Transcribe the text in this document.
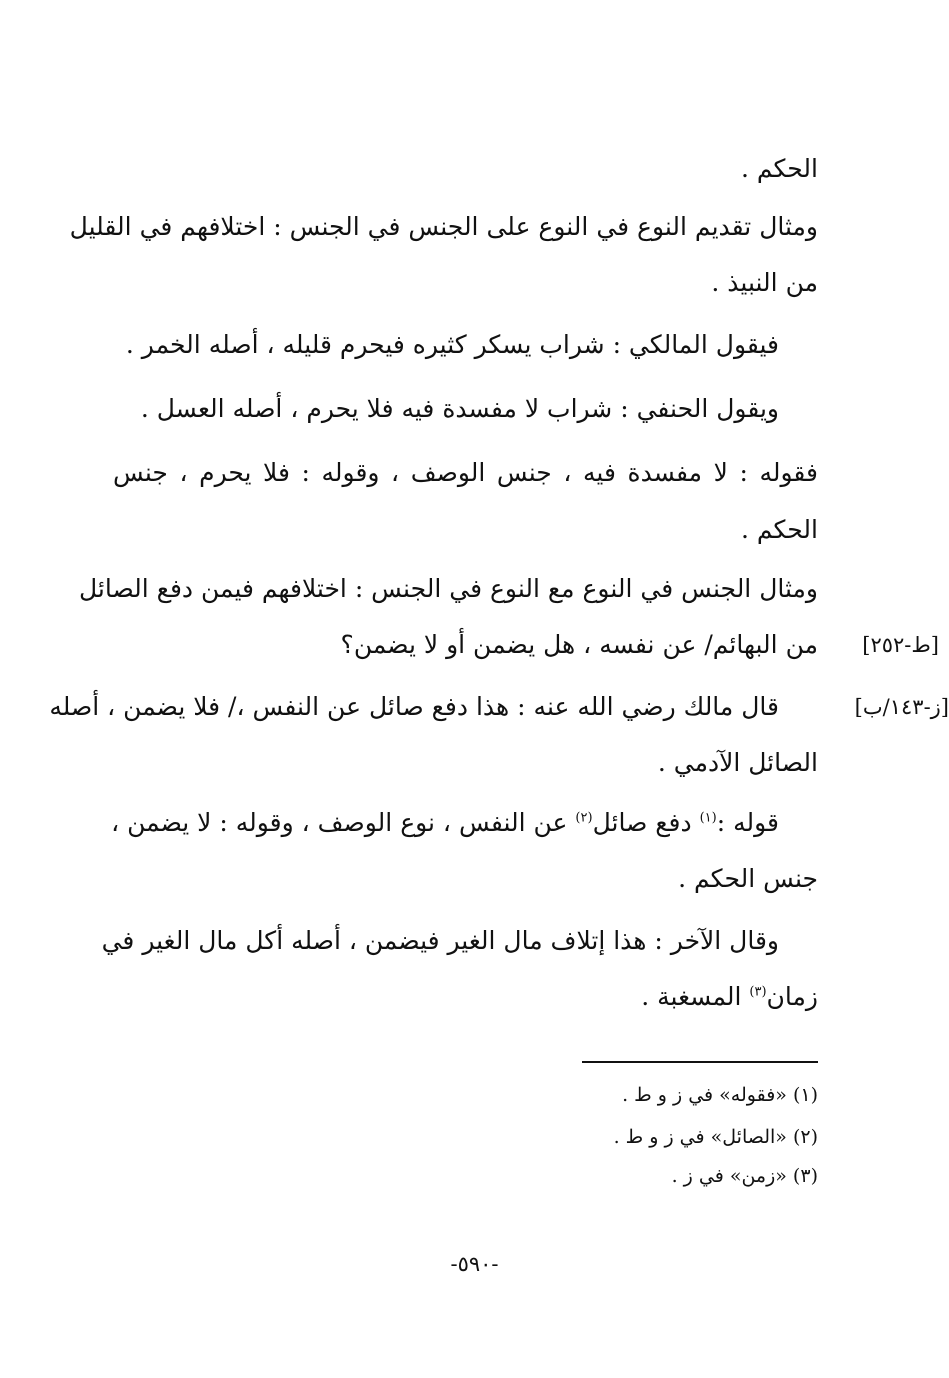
الحكم .
ومثال تقديم النوع في النوع على الجنس في الجنس : اختلافهم في القليل
من النبيذ .
فيقول المالكي : شراب يسكر كثيره فيحرم قليله ، أصله الخمر .
ويقول الحنفي : شراب لا مفسدة فيه فلا يحرم ، أصله العسل .
فقوله : لا مفسدة فيه ، جنس الوصف ، وقوله : فلا يحرم ، جنس
الحكم .
ومثال الجنس في النوع مع النوع في الجنس : اختلافهم فيمن دفع الصائل
من البهائم/ عن نفسه ، هل يضمن أو لا يضمن؟
قال مالك رضي الله عنه : هذا دفع صائل عن النفس ،/ فلا يضمن ، أصله
الصائل الآدمي .
قوله :$^{(١)}$ دفع صائل$^{(٢)}$ عن النفس ، نوع الوصف ، وقوله : لا يضمن ،
جنس الحكم .
وقال الآخر : هذا إتلاف مال الغير فيضمن ، أصله أكل مال الغير في
زمان$^{(٣)}$ المسغبة .
[ط-٢٥٢]
[ز-١٤٣/ب]
(١) «فقوله» في ز و ط .
(٢) «الصائل» في ز و ط .
(٣) «زمن» في ز .
-٥٩٠-
